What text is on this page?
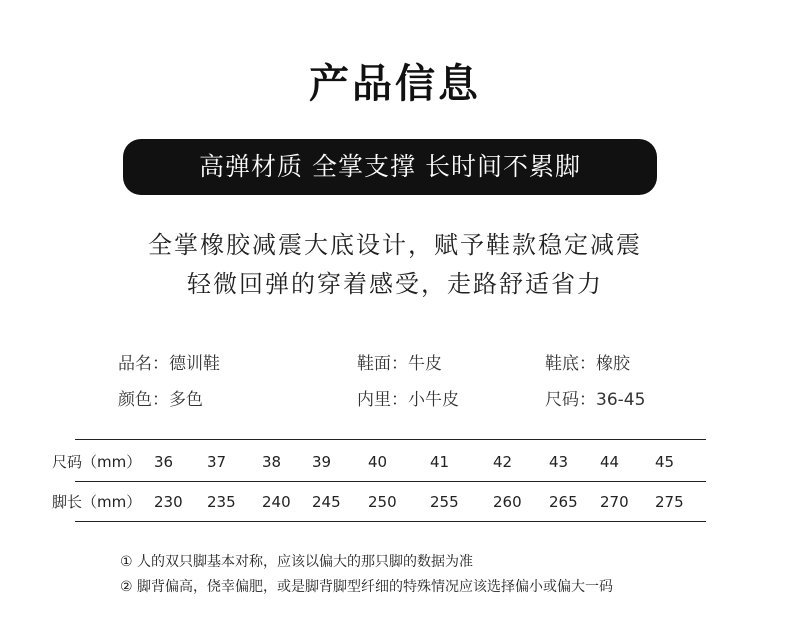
产品信息
高弹材质 全掌支撑 长时间不累脚
全掌橡胶减震大底设计，赋予鞋款稳定减震
轻微回弹的穿着感受，走路舒适省力
品名：德训鞋	鞋面：牛皮	鞋底：橡胶
颜色：多色	内里：小牛皮	尺码：36-45
尺码（mm） 36 37 38 39 40	41	42 43 44 45
脚长（mm） 230 235 240 245 250 255 260 265 270 275
① 人的双只脚基本对称，应该以偏大的那只脚的数据为准
② 脚背偏高，侥幸偏肥，或是脚背脚型纤细的特殊情况应该选择偏小或偏大一码
